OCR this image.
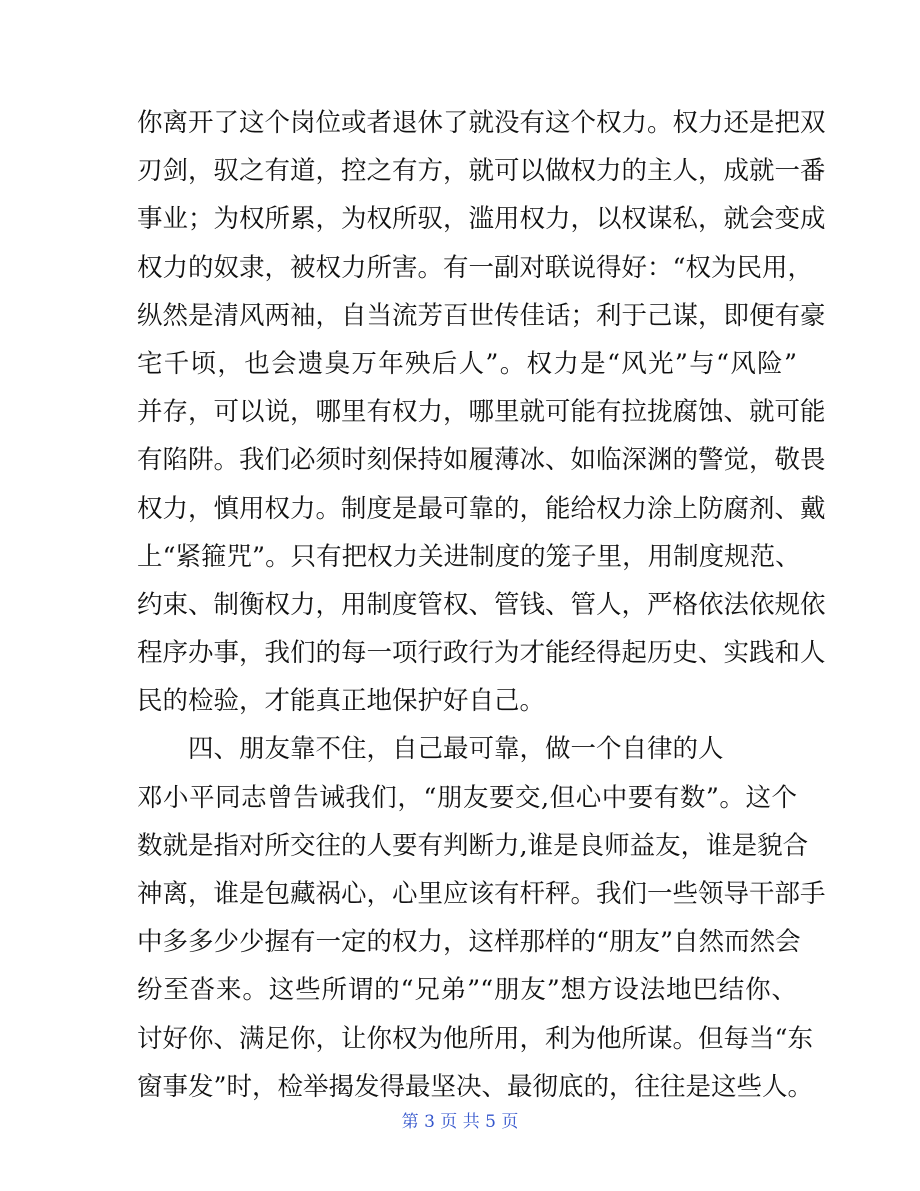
你离开了这个岗位或者退休了就没有这个权力。权力还是把双
刃剑，驭之有道，控之有方，就可以做权力的主人，成就一番
事业；为权所累，为权所驭，滥用权力，以权谋私，就会变成
权力的奴隶，被权力所害。有一副对联说得好：“权为民用，
纵然是清风两袖，自当流芳百世传佳话；利于己谋，即便有豪
宅千顷，也会遗臭万年殃后人”。权力是“风光”与“风险”
并存，可以说，哪里有权力，哪里就可能有拉拢腐蚀、就可能
有陷阱。我们必须时刻保持如履薄冰、如临深渊的警觉，敬畏
权力，慎用权力。制度是最可靠的，能给权力涂上防腐剂、戴
上“紧箍咒”。只有把权力关进制度的笼子里，用制度规范、
约束、制衡权力，用制度管权、管钱、管人，严格依法依规依
程序办事，我们的每一项行政行为才能经得起历史、实践和人
民的检验，才能真正地保护好自己。
四、朋友靠不住，自己最可靠，做一个自律的人
邓小平同志曾告诫我们，“朋友要交,但心中要有数”。这个
数就是指对所交往的人要有判断力,谁是良师益友，谁是貌合
神离，谁是包藏祸心，心里应该有杆秤。我们一些领导干部手
中多多少少握有一定的权力，这样那样的“朋友”自然而然会
纷至沓来。这些所谓的“兄弟”“朋友”想方设法地巴结你、
讨好你、满足你，让你权为他所用，利为他所谋。但每当“东
窗事发”时，检举揭发得最坚决、最彻底的，往往是这些人。
第 3 页 共 5 页
